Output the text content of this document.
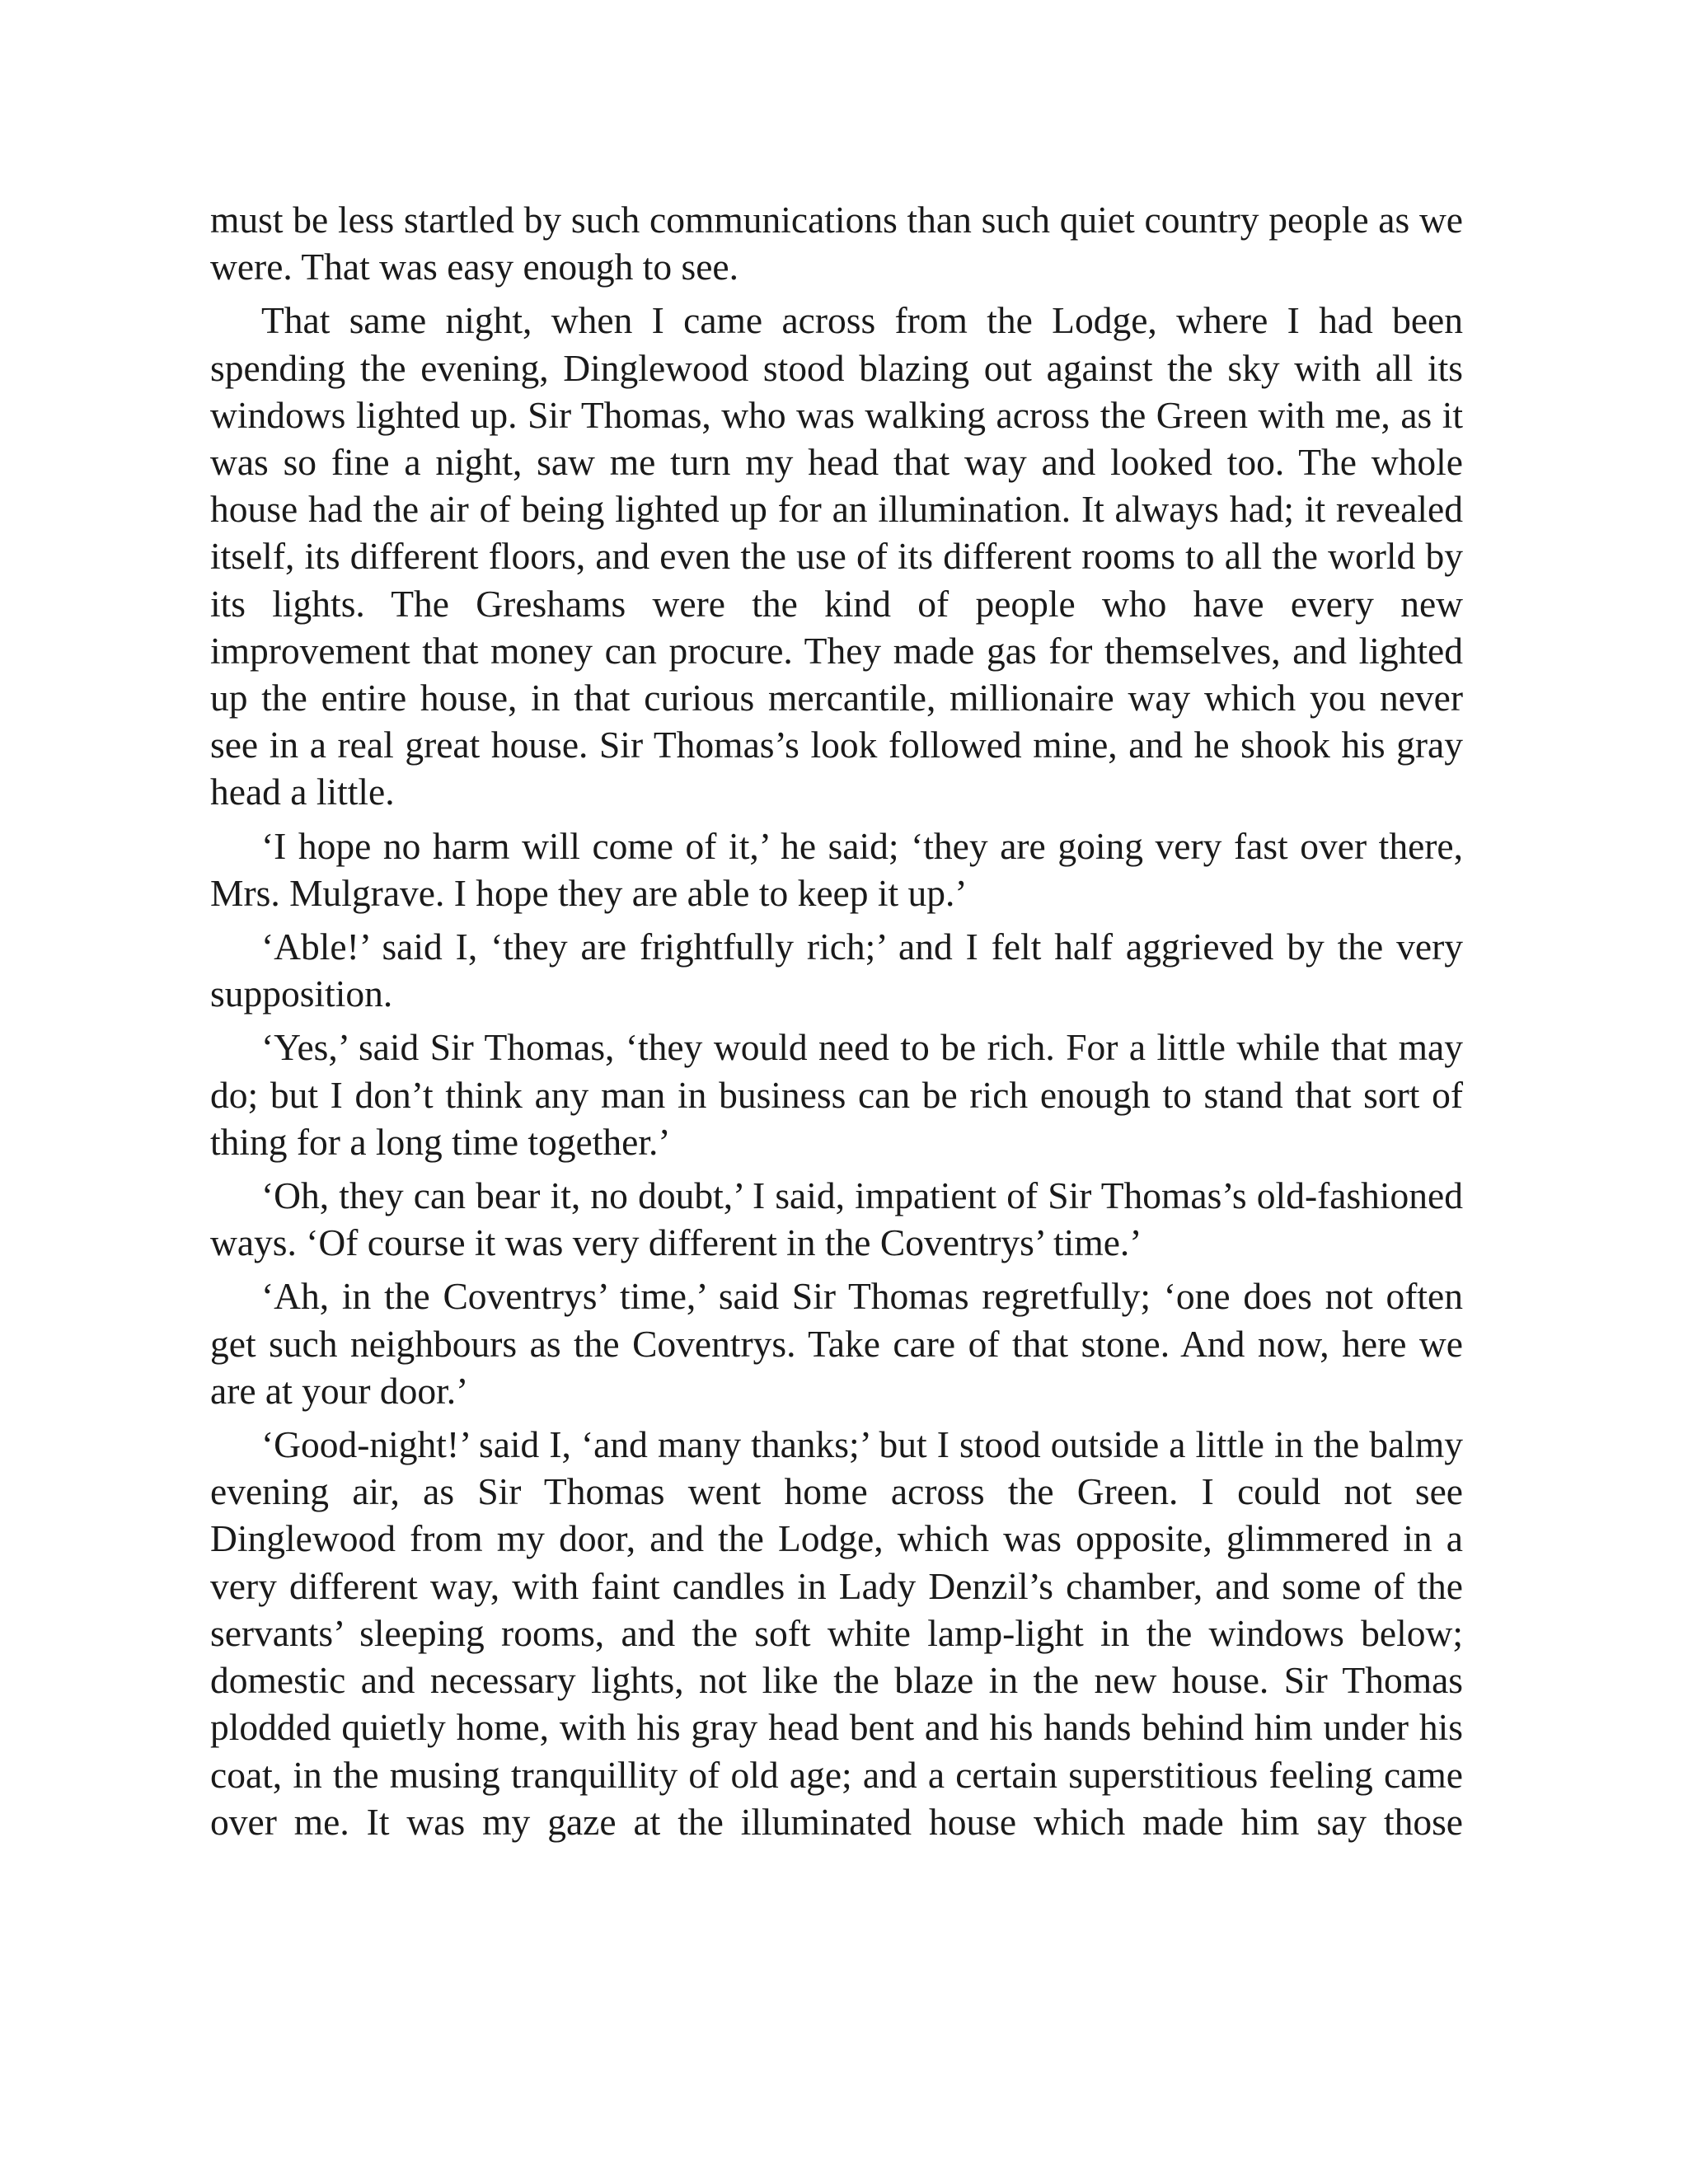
must be less startled by such communications than such quiet country people as we were. That was easy enough to see.

That same night, when I came across from the Lodge, where I had been spending the evening, Dinglewood stood blazing out against the sky with all its windows lighted up. Sir Thomas, who was walking across the Green with me, as it was so fine a night, saw me turn my head that way and looked too. The whole house had the air of being lighted up for an illumination. It always had; it revealed itself, its different floors, and even the use of its different rooms to all the world by its lights. The Greshams were the kind of people who have every new improvement that money can procure. They made gas for themselves, and lighted up the entire house, in that curious mercantile, millionaire way which you never see in a real great house. Sir Thomas’s look followed mine, and he shook his gray head a little.

‘I hope no harm will come of it,’ he said; ‘they are going very fast over there, Mrs. Mulgrave. I hope they are able to keep it up.’

‘Able!’ said I, ‘they are frightfully rich;’ and I felt half aggrieved by the very supposition.

‘Yes,’ said Sir Thomas, ‘they would need to be rich. For a little while that may do; but I don’t think any man in business can be rich enough to stand that sort of thing for a long time together.’

‘Oh, they can bear it, no doubt,’ I said, impatient of Sir Thomas’s old-fashioned ways. ‘Of course it was very different in the Coventrys’ time.’

‘Ah, in the Coventrys’ time,’ said Sir Thomas regretfully; ‘one does not often get such neighbours as the Coventrys. Take care of that stone. And now, here we are at your door.’

‘Good-night!’ said I, ‘and many thanks;’ but I stood outside a little in the balmy evening air, as Sir Thomas went home across the Green. I could not see Dinglewood from my door, and the Lodge, which was opposite, glimmered in a very different way, with faint candles in Lady Denzil’s chamber, and some of the servants’ sleeping rooms, and the soft white lamp-light in the windows below; domestic and necessary lights, not like the blaze in the new house. Sir Thomas plodded quietly home, with his gray head bent and his hands behind him under his coat, in the musing tranquillity of old age; and a certain superstitious feeling came over me. It was my gaze at the illuminated house which made him say those
